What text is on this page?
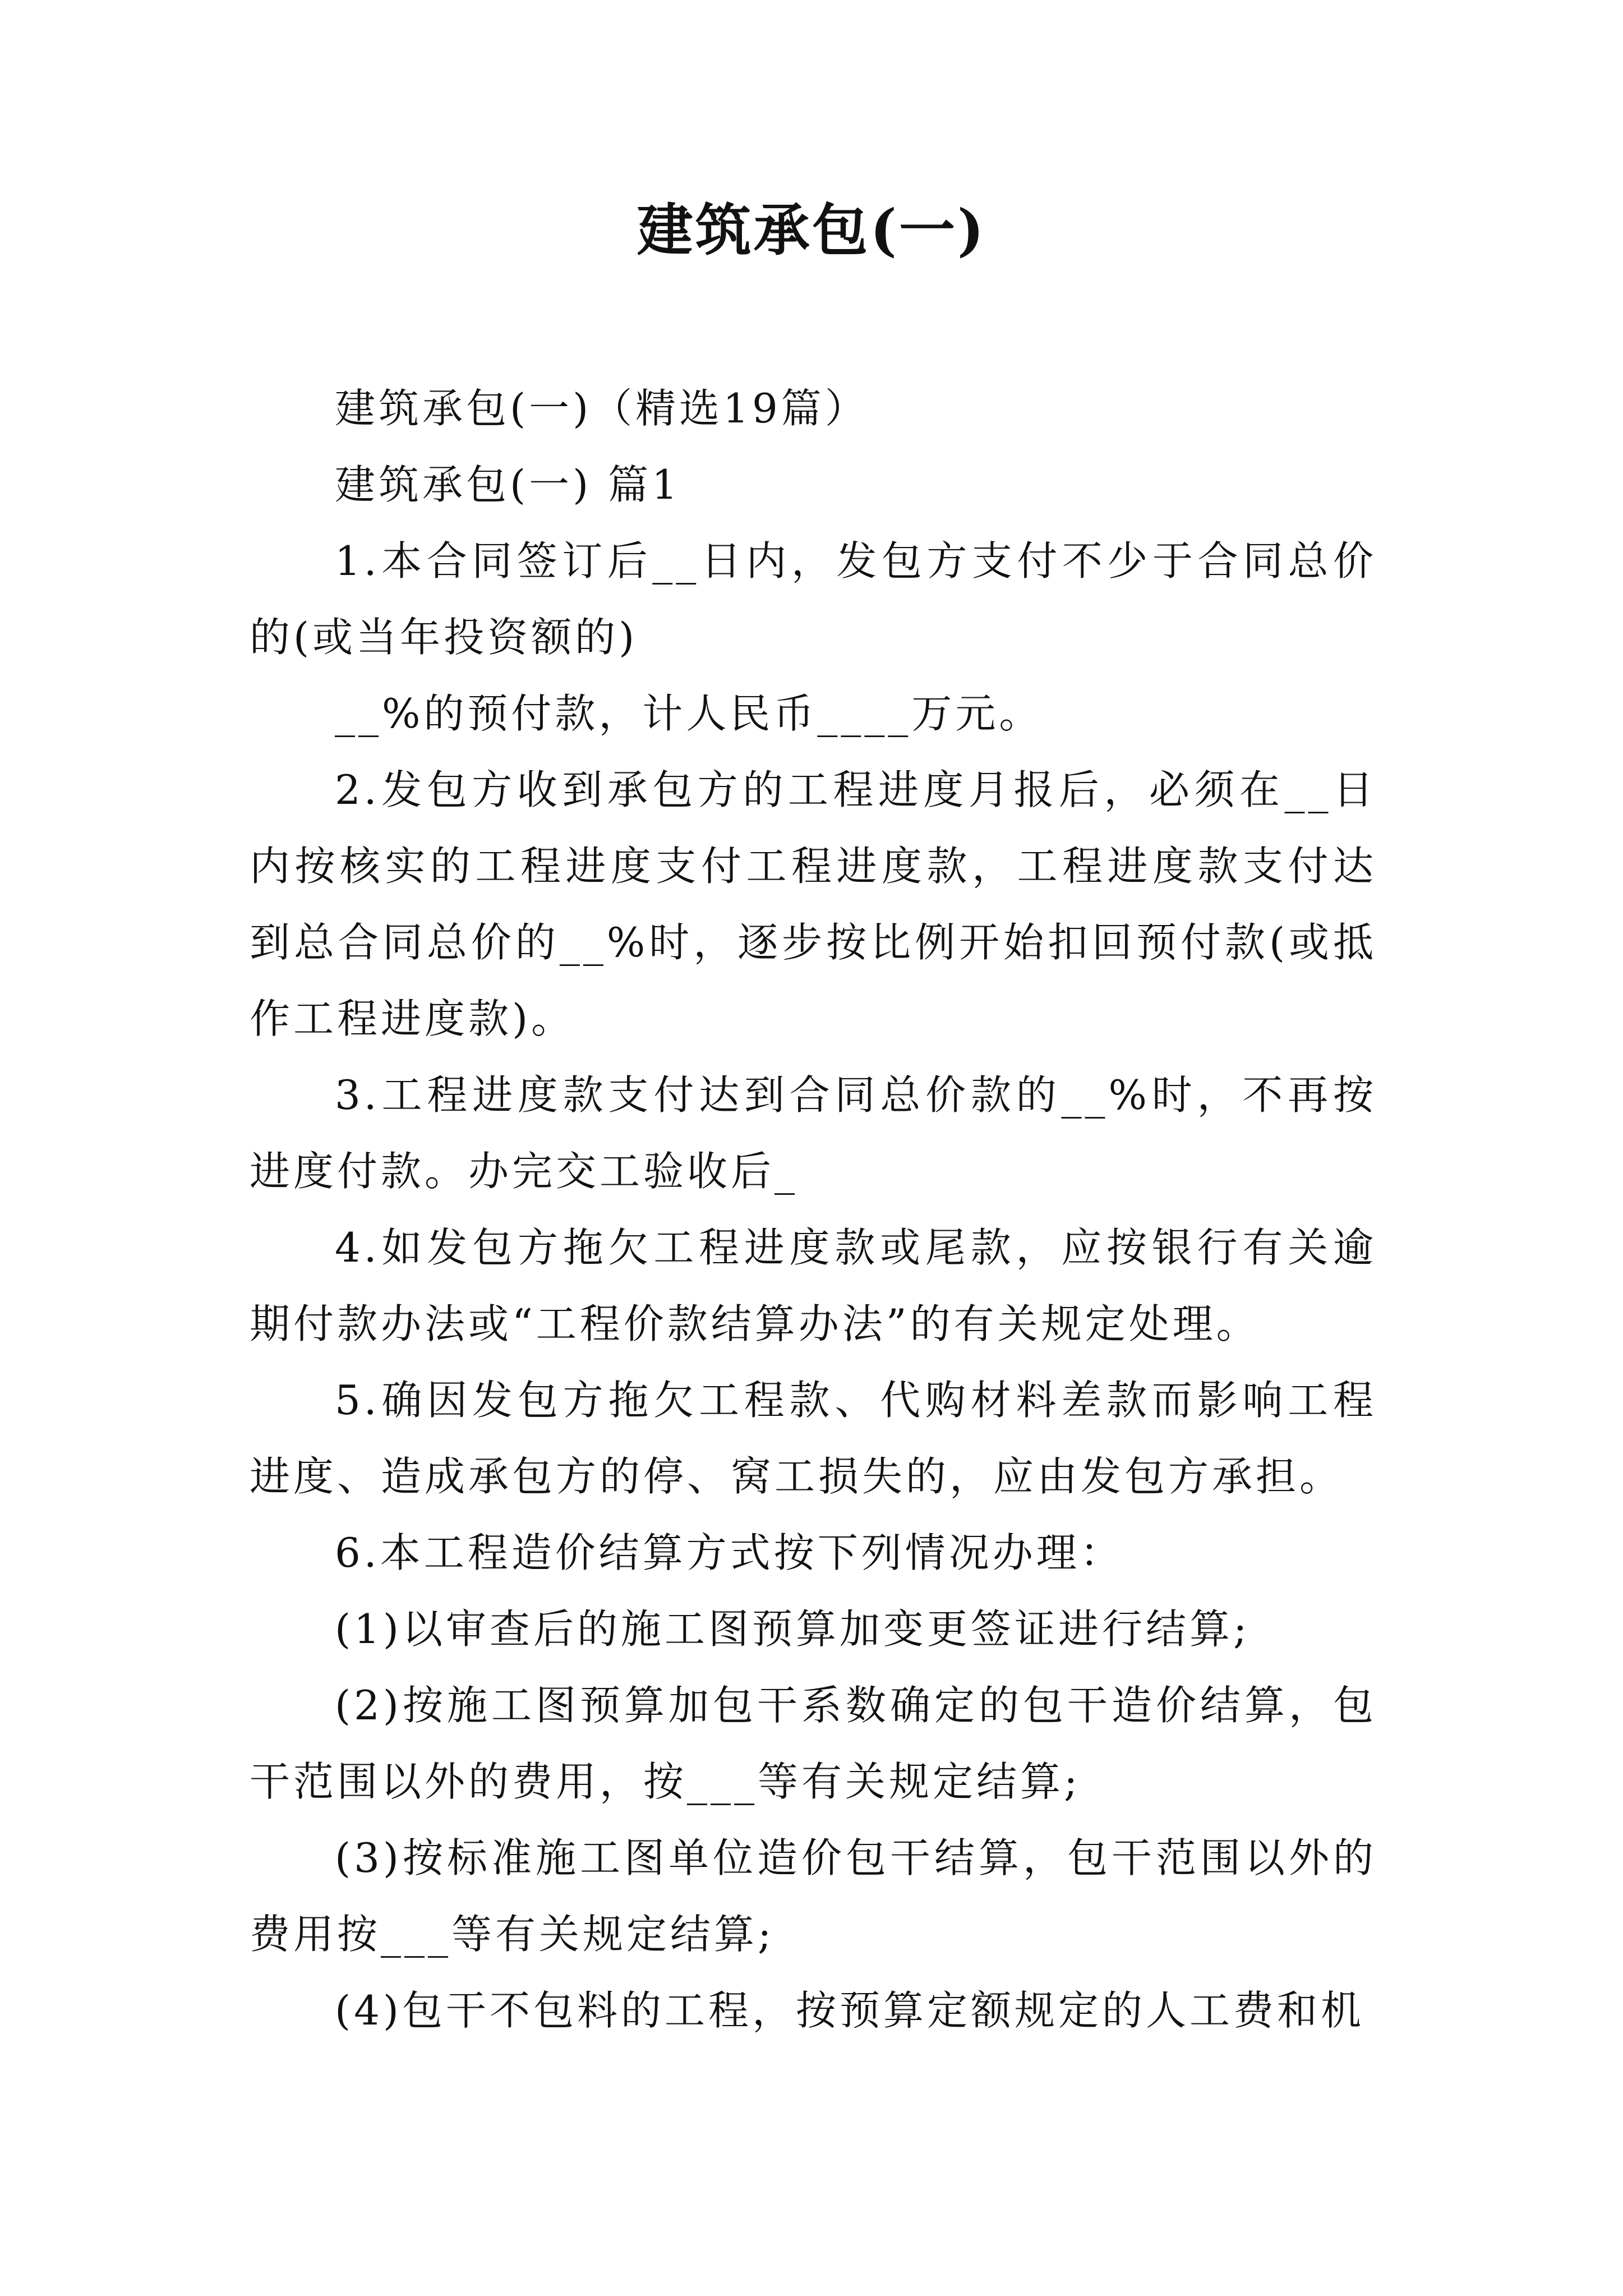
建筑承包(一)

建筑承包(一)（精选19篇）

建筑承包(一) 篇1

1.本合同签订后__日内，发包方支付不少于合同总价的(或当年投资额的)

__%的预付款，计人民币____万元。

2.发包方收到承包方的工程进度月报后，必须在__日内按核实的工程进度支付工程进度款，工程进度款支付达到总合同总价的__%时，逐步按比例开始扣回预付款(或抵作工程进度款)。

3.工程进度款支付达到合同总价款的__%时，不再按进度付款。办完交工验收后_

4.如发包方拖欠工程进度款或尾款，应按银行有关逾期付款办法或“工程价款结算办法”的有关规定处理。

5.确因发包方拖欠工程款、代购材料差款而影响工程进度、造成承包方的停、窝工损失的，应由发包方承担。

6.本工程造价结算方式按下列情况办理：

(1)以审查后的施工图预算加变更签证进行结算;

(2)按施工图预算加包干系数确定的包干造价结算，包干范围以外的费用，按___等有关规定结算;

(3)按标准施工图单位造价包干结算，包干范围以外的费用按___等有关规定结算;

(4)包干不包料的工程，按预算定额规定的人工费和机
